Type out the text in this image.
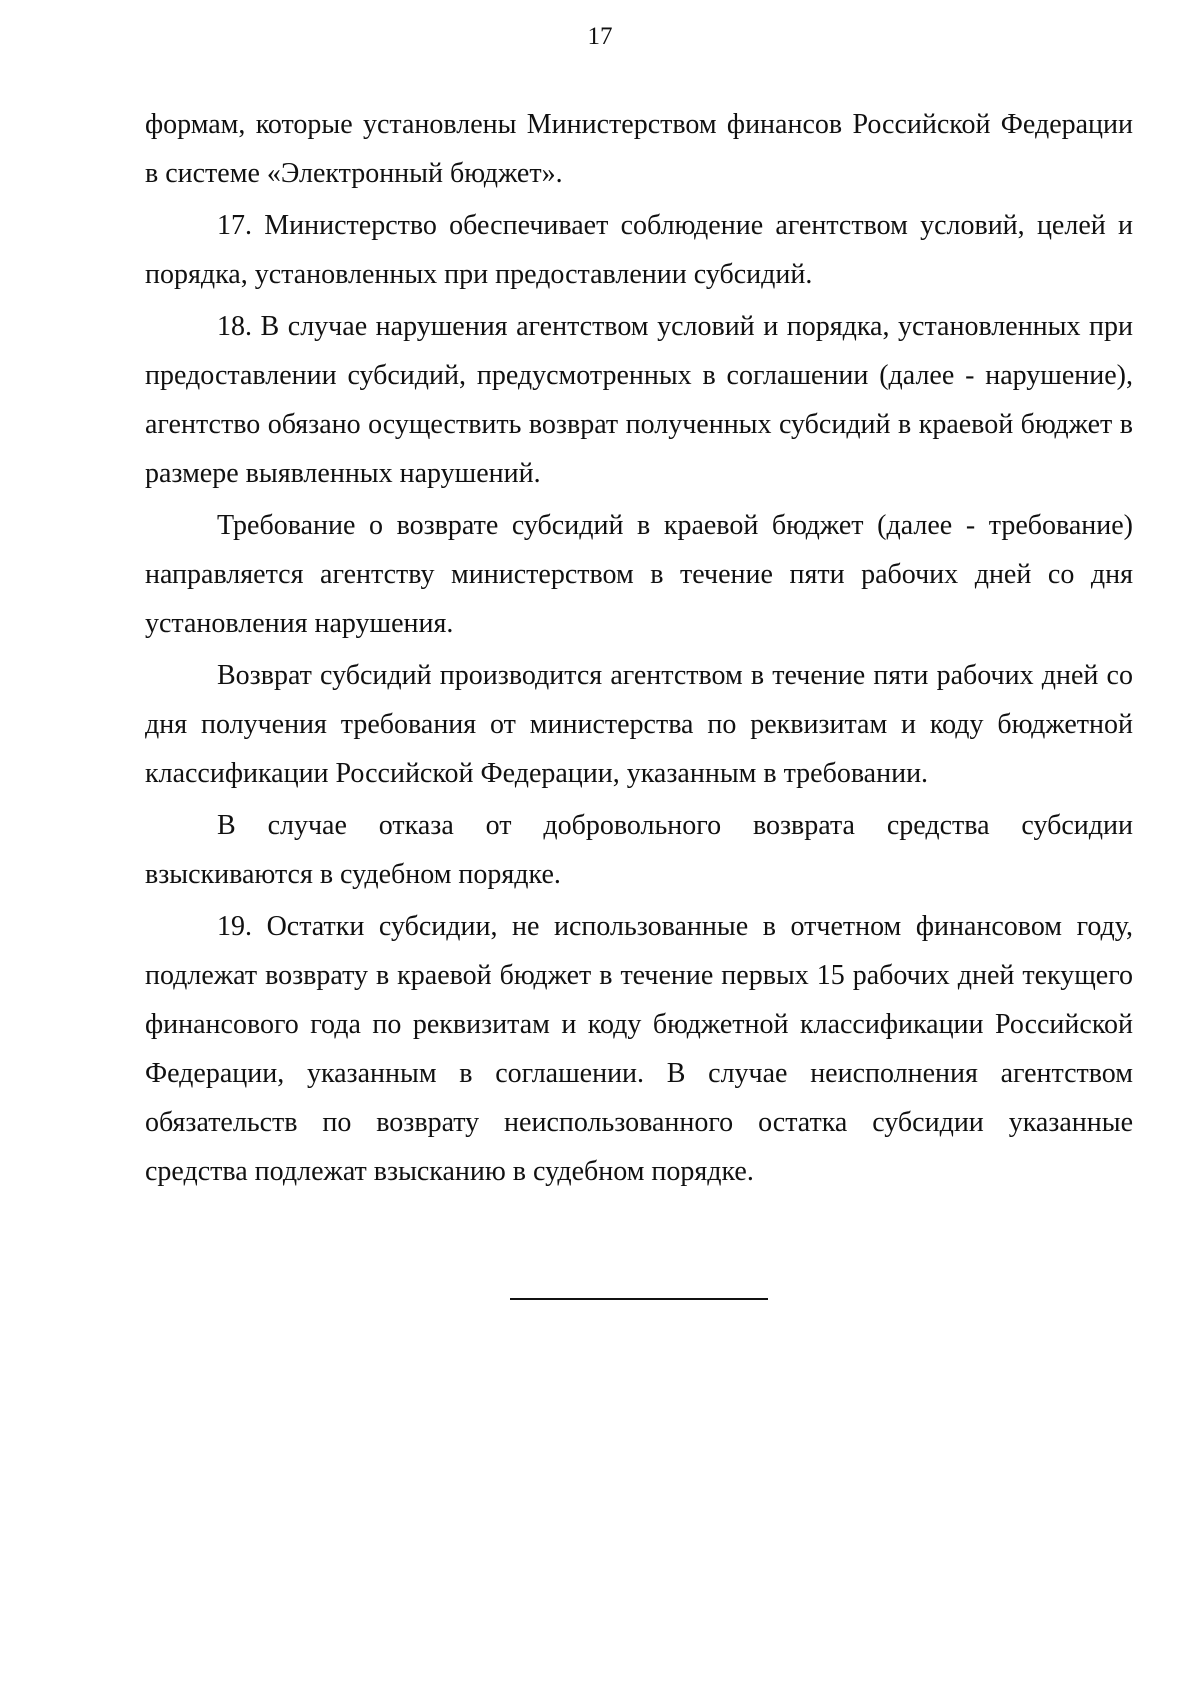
17

формам, которые установлены Министерством финансов Российской Федерации в системе «Электронный бюджет».

17. Министерство обеспечивает соблюдение агентством условий, целей и порядка, установленных при предоставлении субсидий.

18. В случае нарушения агентством условий и порядка, установленных при предоставлении субсидий, предусмотренных в соглашении (далее - нарушение), агентство обязано осуществить возврат полученных субсидий в краевой бюджет в размере выявленных нарушений.

Требование о возврате субсидий в краевой бюджет (далее - требование) направляется агентству министерством в течение пяти рабочих дней со дня установления нарушения.

Возврат субсидий производится агентством в течение пяти рабочих дней со дня получения требования от министерства по реквизитам и коду бюджетной классификации Российской Федерации, указанным в требовании.

В случае отказа от добровольного возврата средства субсидии взыскиваются в судебном порядке.

19. Остатки субсидии, не использованные в отчетном финансовом году, подлежат возврату в краевой бюджет в течение первых 15 рабочих дней текущего финансового года по реквизитам и коду бюджетной классификации Российской Федерации, указанным в соглашении. В случае неисполнения агентством обязательств по возврату неиспользованного остатка субсидии указанные средства подлежат взысканию в судебном порядке.
